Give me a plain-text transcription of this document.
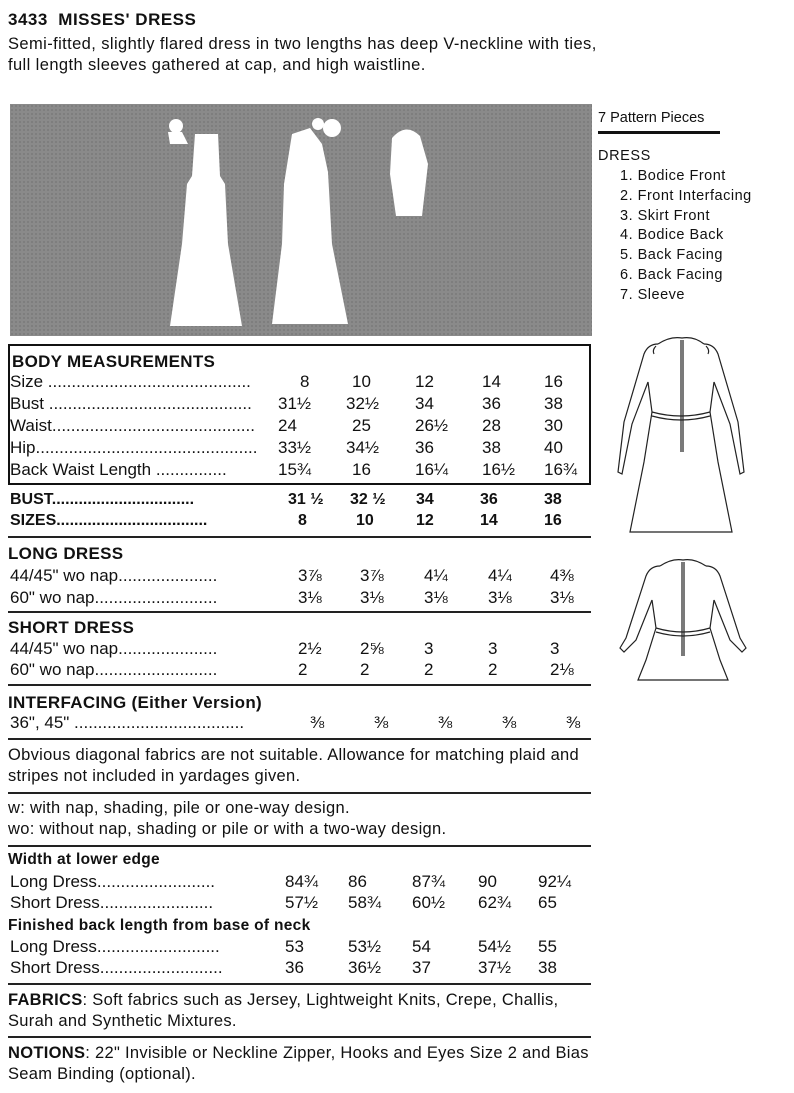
3433 MISSES' DRESS
Semi-fitted, slightly flared dress in two lengths has deep V-neckline with ties, full length sleeves gathered at cap, and high waistline.
7 Pattern Pieces
DRESS
1. Bodice Front
2. Front Interfacing
3. Skirt Front
4. Bodice Back
5. Back Facing
6. Back Facing
7. Sleeve
BODY MEASUREMENTS
Size ...........................................	8	10	12	14	16
Bust ........................................... 31½ 32½ 34	36	38
Waist........................................... 24	25	26½ 28	30
Hip............................................... 33½ 34½ 36	38	40
Back Waist Length ...............	15¾ 16	16¼ 16½ 16¾
BUST................................	31 ½ 32 ½ 34	36	38
SIZES..................................	8	10	12	14	16
LONG DRESS
44/45" wo nap.....................	3⅞ 3⅞ 4¼ 4¼ 4⅜
60" wo nap..........................	3⅛ 3⅛ 3⅛ 3⅛ 3⅛
SHORT DRESS
44/45" wo nap.....................	2½ 2⅝ 3	3	3
60" wo nap..........................	2	2	2	2	2⅛
INTERFACING (Either Version)
36", 45" ....................................	⅜	⅜	⅜	⅜	⅜
Obvious diagonal fabrics are not suitable. Allowance for matching plaid and stripes not included in yardages given.
w: with nap, shading, pile or one-way design.
wo: without nap, shading or pile or with a two-way design.
Width at lower edge
Long Dress.........................	84¾ 86	87¾ 90 92¼
Short Dress........................	57½ 58¾ 60½ 62¾ 65
Finished back length from base of neck
Long Dress..........................	53	53½ 54	54½ 55
Short Dress..........................	36	36½ 37	37½ 38
FABRICS: Soft fabrics such as Jersey, Lightweight Knits, Crepe, Challis, Surah and Synthetic Mixtures.
NOTIONS: 22" Invisible or Neckline Zipper, Hooks and Eyes Size 2 and Bias Seam Binding (optional).
